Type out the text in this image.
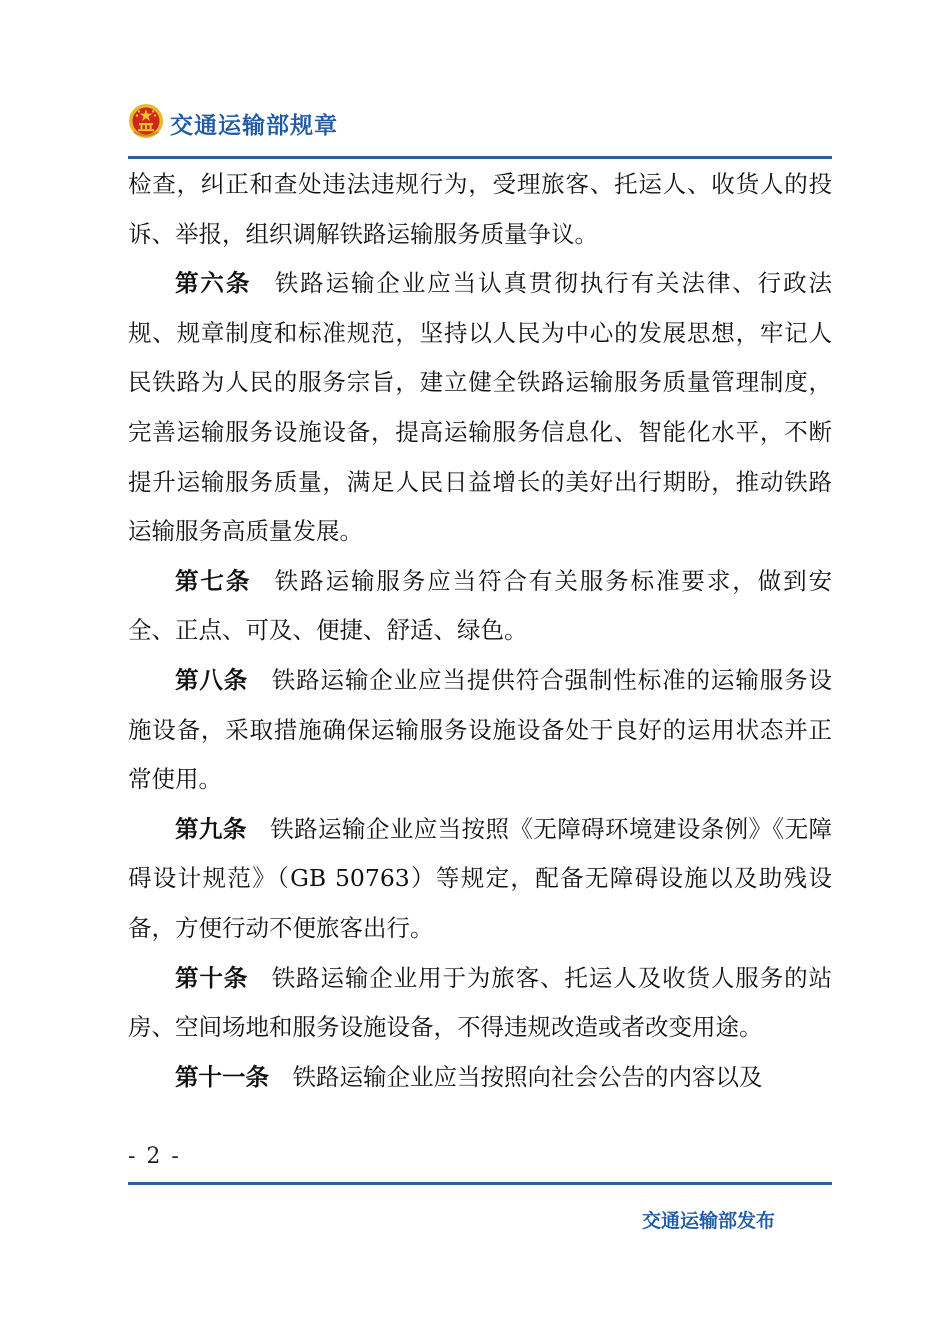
交通运输部规章

检查，纠正和查处违法违规行为，受理旅客、托运人、收货人的投诉、举报，组织调解铁路运输服务质量争议。

第六条 铁路运输企业应当认真贯彻执行有关法律、行政法规、规章制度和标准规范，坚持以人民为中心的发展思想，牢记人民铁路为人民的服务宗旨，建立健全铁路运输服务质量管理制度，完善运输服务设施设备，提高运输服务信息化、智能化水平，不断提升运输服务质量，满足人民日益增长的美好出行期盼，推动铁路运输服务高质量发展。

第七条 铁路运输服务应当符合有关服务标准要求，做到安全、正点、可及、便捷、舒适、绿色。

第八条 铁路运输企业应当提供符合强制性标准的运输服务设施设备，采取措施确保运输服务设施设备处于良好的运用状态并正常使用。

第九条 铁路运输企业应当按照《无障碍环境建设条例》《无障碍设计规范》（GB 50763）等规定，配备无障碍设施以及助残设备，方便行动不便旅客出行。

第十条 铁路运输企业用于为旅客、托运人及收货人服务的站房、空间场地和服务设施设备，不得违规改造或者改变用途。

第十一条 铁路运输企业应当按照向社会公告的内容以及

- 2 -
交通运输部发布
